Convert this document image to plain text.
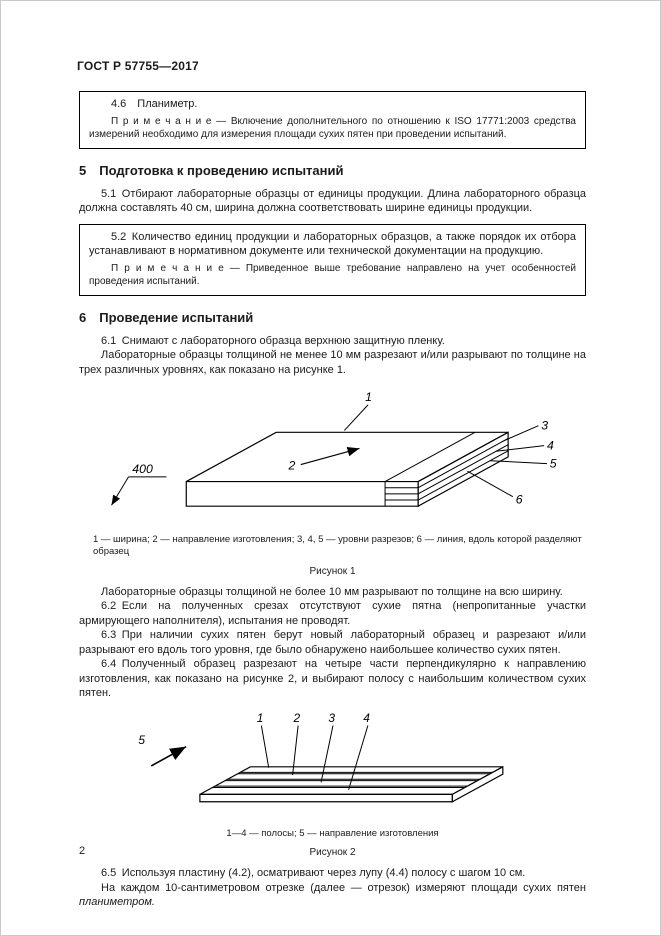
ГОСТ Р 57755—2017

4.6 Планиметр.

П р и м е ч а н и е — Включение дополнительного по отношению к ISO 17771:2003 средства измерений необходимо для измерения площади сухих пятен при проведении испытаний.

5 Подготовка к проведению испытаний

5.1 Отбирают лабораторные образцы от единицы продукции. Длина лабораторного образца должна составлять 40 см, ширина должна соответствовать ширине единицы продукции.

5.2 Количество единиц продукции и лабораторных образцов, а также порядок их отбора устанавливают в нормативном документе или технической документации на продукцию.

П р и м е ч а н и е — Приведенное выше требование направлено на учет особенностей проведения испытаний.

6 Проведение испытаний

6.1 Снимают с лабораторного образца верхнюю защитную пленку.

Лабораторные образцы толщиной не менее 10 мм разрезают и/или разрывают по толщине на трех различных уровнях, как показано на рисунке 1.

1
2
400
3
4
5
6

1 — ширина; 2 — направление изготовления; 3, 4, 5 — уровни разрезов; 6 — линия, вдоль которой разделяют образец

Рисунок 1

Лабораторные образцы толщиной не более 10 мм разрывают по толщине на всю ширину.

6.2 Если на полученных срезах отсутствуют сухие пятна (непропитанные участки армирующего наполнителя), испытания не проводят.

6.3 При наличии сухих пятен берут новый лабораторный образец и разрезают и/или разрывают его вдоль того уровня, где было обнаружено наибольшее количество сухих пятен.

6.4 Полученный образец разрезают на четыре части перпендикулярно к направлению изготовления, как показано на рисунке 2, и выбирают полосу с наибольшим количеством сухих пятен.

1 2 3 4
5

1—4 — полосы; 5 — направление изготовления

Рисунок 2

6.5 Используя пластину (4.2), осматривают через лупу (4.4) полосу с шагом 10 см.

На каждом 10-сантиметровом отрезке (далее — отрезок) измеряют площади сухих пятен планиметром.

2
